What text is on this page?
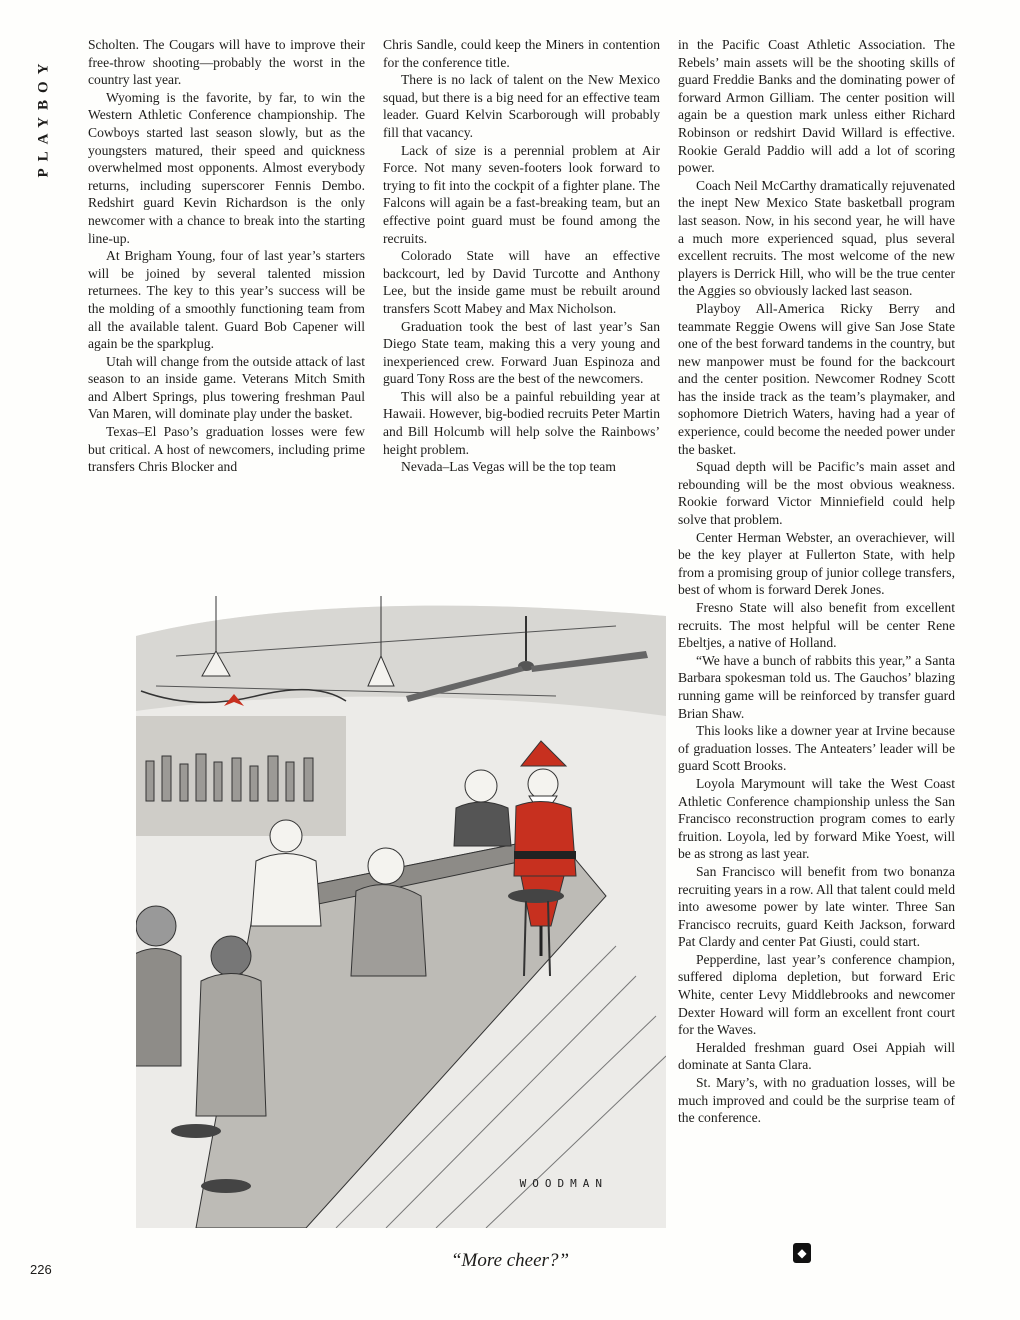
PLAYBOY

Scholten. The Cougars will have to improve their free-throw shooting—probably the worst in the country last year.

Wyoming is the favorite, by far, to win the Western Athletic Conference championship. The Cowboys started last season slowly, but as the youngsters matured, their speed and quickness overwhelmed most opponents. Almost everybody returns, including superscorer Fennis Dembo. Redshirt guard Kevin Richardson is the only newcomer with a chance to break into the starting line-up.

At Brigham Young, four of last year’s starters will be joined by several talented mission returnees. The key to this year’s success will be the molding of a smoothly functioning team from all the available talent. Guard Bob Capener will again be the sparkplug.

Utah will change from the outside attack of last season to an inside game. Veterans Mitch Smith and Albert Springs, plus towering freshman Paul Van Maren, will dominate play under the basket.

Texas–El Paso’s graduation losses were few but critical. A host of newcomers, including prime transfers Chris Blocker and

Chris Sandle, could keep the Miners in contention for the conference title.

There is no lack of talent on the New Mexico squad, but there is a big need for an effective team leader. Guard Kelvin Scarborough will probably fill that vacancy.

Lack of size is a perennial problem at Air Force. Not many seven-footers look forward to trying to fit into the cockpit of a fighter plane. The Falcons will again be a fast-breaking team, but an effective point guard must be found among the recruits.

Colorado State will have an effective backcourt, led by David Turcotte and Anthony Lee, but the inside game must be rebuilt around transfers Scott Mabey and Max Nicholson.

Graduation took the best of last year’s San Diego State team, making this a very young and inexperienced crew. Forward Juan Espinoza and guard Tony Ross are the best of the newcomers.

This will also be a painful rebuilding year at Hawaii. However, big-bodied recruits Peter Martin and Bill Holcumb will help solve the Rainbows’ height problem.

Nevada–Las Vegas will be the top team

in the Pacific Coast Athletic Association. The Rebels’ main assets will be the shooting skills of guard Freddie Banks and the dominating power of forward Armon Gilliam. The center position will again be a question mark unless either Richard Robinson or redshirt David Willard is effective. Rookie Gerald Paddio will add a lot of scoring power.

Coach Neil McCarthy dramatically rejuvenated the inept New Mexico State basketball program last season. Now, in his second year, he will have a much more experienced squad, plus several excellent recruits. The most welcome of the new players is Derrick Hill, who will be the true center the Aggies so obviously lacked last season.

Playboy All-America Ricky Berry and teammate Reggie Owens will give San Jose State one of the best forward tandems in the country, but new manpower must be found for the backcourt and the center position. Newcomer Rodney Scott has the inside track as the team’s playmaker, and sophomore Dietrich Waters, having had a year of experience, could become the needed power under the basket.

Squad depth will be Pacific’s main asset and rebounding will be the most obvious weakness. Rookie forward Victor Minniefield could help solve that problem.

Center Herman Webster, an overachiever, will be the key player at Fullerton State, with help from a promising group of junior college transfers, best of whom is forward Derek Jones.

Fresno State will also benefit from excellent recruits. The most helpful will be center Rene Ebeltjes, a native of Holland.

“We have a bunch of rabbits this year,” a Santa Barbara spokesman told us. The Gauchos’ blazing running game will be reinforced by transfer guard Brian Shaw.

This looks like a downer year at Irvine because of graduation losses. The Anteaters’ leader will be guard Scott Brooks.

Loyola Marymount will take the West Coast Athletic Conference championship unless the San Francisco reconstruction program comes to early fruition. Loyola, led by forward Mike Yoest, will be as strong as last year.

San Francisco will benefit from two bonanza recruiting years in a row. All that talent could meld into awesome power by late winter. Three San Francisco recruits, guard Keith Jackson, forward Pat Clardy and center Pat Giusti, could start.

Pepperdine, last year’s conference champion, suffered diploma depletion, but forward Eric White, center Levy Middlebrooks and newcomer Dexter Howard will form an excellent front court for the Waves.

Heralded freshman guard Osei Appiah will dominate at Santa Clara.

St. Mary’s, with no graduation losses, will be much improved and could be the surprise team of the conference.

WOODMAN
“More cheer?”
226
◆
